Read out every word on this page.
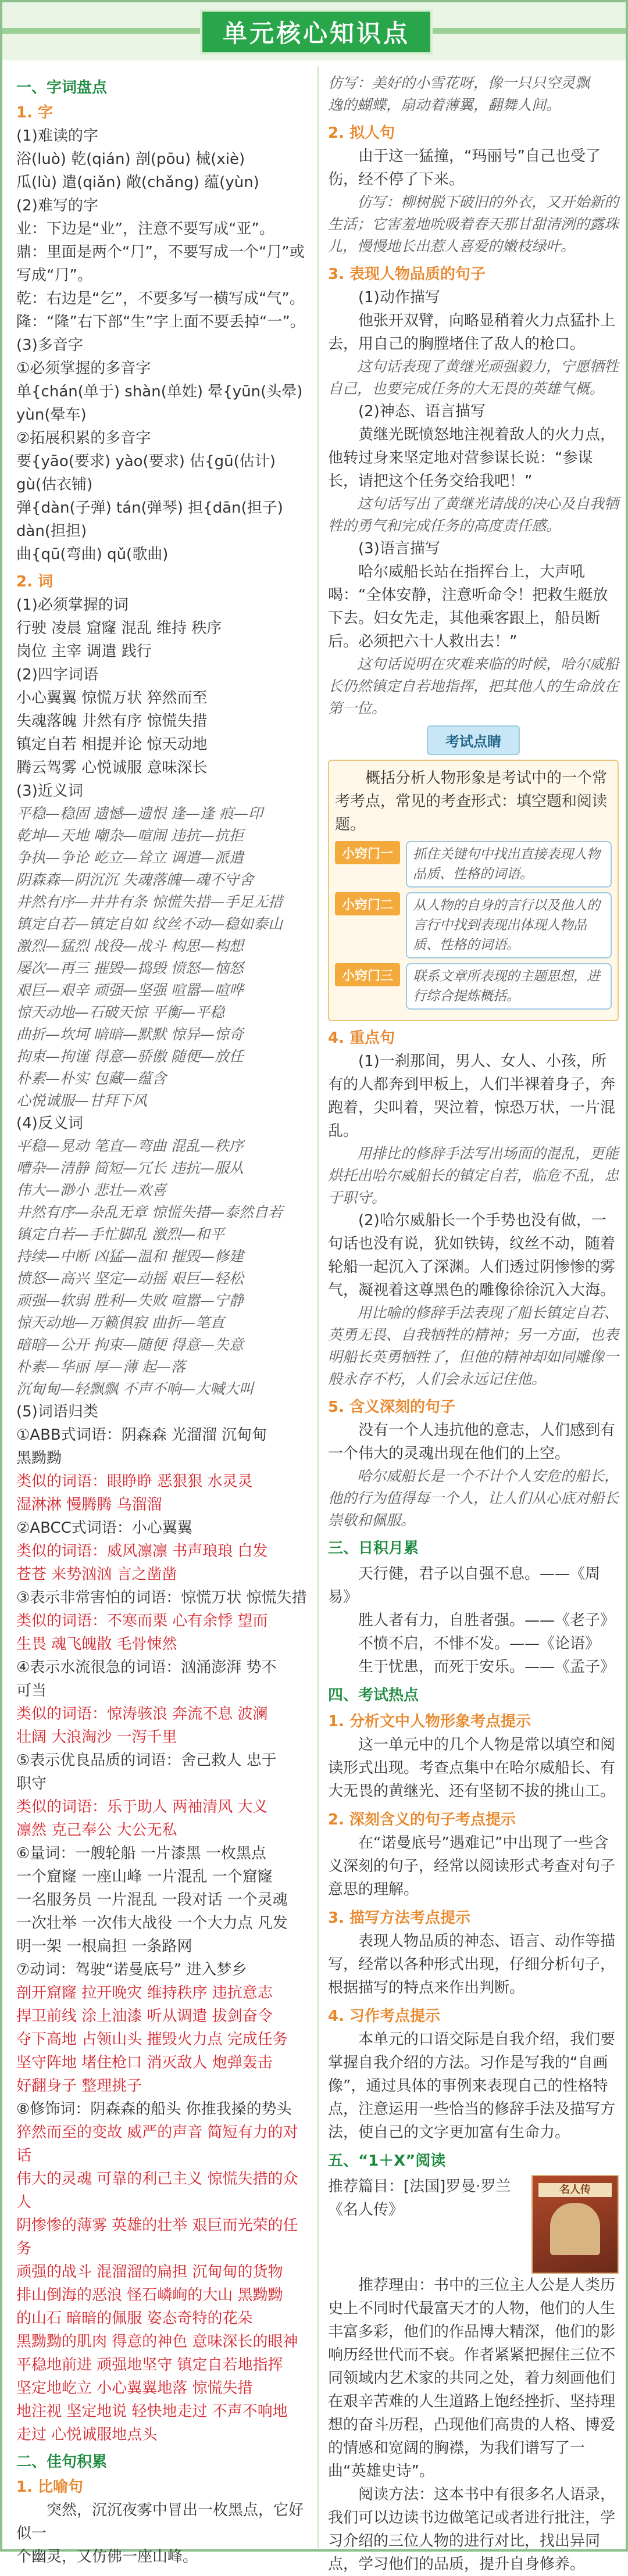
单元核心知识点
一、字词盘点
1. 字
(1)难读的字
浴(luò) 乾(qián) 剖(pōu) 械(xiè)
瓜(lù) 遣(qiǎn) 敞(chǎng) 蕴(yùn)
(2)难写的字
业：下边是“业”，注意不要写成“亚”。
鼎：里面是两个“⺆”，不要写成一个“⺆”或写成“⺆”。
乾：右边是“乞”，不要多写一横写成“气”。
隆：“隆”右下部“生”字上面不要丢掉“一”。
(3)多音字
①必须掌握的多音字
单{chán(单于) shàn(单姓) 晕{yūn(头晕) yùn(晕车)
②拓展积累的多音字
要{yāo(要求) yào(要求) 估{gū(估计) gù(估衣铺)
弹{dàn(子弹) tán(弹琴) 担{dān(担子) dàn(担担)
曲{qū(弯曲) qǔ(歌曲)
2. 词
(1)必须掌握的词
行驶 凌晨 窟窿 混乱 维持 秩序
岗位 主宰 调遣 践行
(2)四字词语
小心翼翼 惊慌万状 猝然而至
失魂落魄 井然有序 惊慌失措
镇定自若 相提并论 惊天动地
腾云驾雾 心悦诚服 意味深长
(3)近义词
平稳—稳固 遗憾—遗恨 逢—逢 痕—印
乾坤—天地 嘲杂—喧闹 违抗—抗拒
争执—争论 屹立—耸立 调遣—派遣
阴森森—阴沉沉 失魂落魄—魂不守舍
井然有序—井井有条 惊慌失措—手足无措
镇定自若—镇定自如 纹丝不动—稳如泰山
激烈—猛烈 战役—战斗 构思—构想
屡次—再三 摧毁—捣毁 愤怒—恼怒
艰巨—艰辛 顽强—坚强 喧嚣—喧哗
惊天动地—石破天惊 平衡—平稳
曲折—坎坷 暗暗—默默 惊异—惊奇
拘束—拘谨 得意—骄傲 随便—放任
朴素—朴实 包藏—蕴含
心悦诚服—甘拜下风
(4)反义词
平稳—晃动 笔直—弯曲 混乱—秩序
嘈杂—清静 简短—冗长 违抗—服从
伟大—渺小 悲壮—欢喜
井然有序—杂乱无章 惊慌失措—泰然自若
镇定自若—手忙脚乱 激烈—和平
持续—中断 凶猛—温和 摧毁—修建
愤怒—高兴 坚定—动摇 艰巨—轻松
顽强—软弱 胜利—失败 喧嚣—宁静
惊天动地—万籁俱寂 曲折—笔直
暗暗—公开 拘束—随便 得意—失意
朴素—华丽 厚—薄 起—落
沉甸甸—轻飘飘 不声不响—大喊大叫
(5)词语归类
①ABB式词语：阴森森 光溜溜 沉甸甸
黑黝黝
类似的词语：眼睁睁 恶狠狠 水灵灵
湿淋淋 慢腾腾 乌溜溜
②ABCC式词语：小心翼翼
类似的词语：威风凛凛 书声琅琅 白发
苍苍 来势汹汹 言之凿凿
③表示非常害怕的词语：惊慌万状 惊慌失措
类似的词语：不寒而栗 心有余悸 望而
生畏 魂飞魄散 毛骨悚然
④表示水流很急的词语：汹涌澎湃 势不
可当
类似的词语：惊涛骇浪 奔流不息 波澜
壮阔 大浪淘沙 一泻千里
⑤表示优良品质的词语：舍己救人 忠于
职守
类似的词语：乐于助人 两袖清风 大义
凛然 克己奉公 大公无私
⑥量词：一艘轮船 一片漆黑 一枚黑点
一个窟窿 一座山峰 一片混乱 一个窟窿
一名服务员 一片混乱 一段对话 一个灵魂
一次壮举 一次伟大战役 一个大力点 凡发
明一架 一根扁担 一条路网
⑦动词：驾驶“诺曼底号” 进入梦乡
剖开窟窿 拉开晚灾 维持秩序 违抗意志
捍卫前线 涂上油漆 听从调遣 拔剑奋令
夺下高地 占领山头 摧毁火力点 完成任务
坚守阵地 堵住枪口 消灭敌人 炮弹轰击
好翻身子 整理挑子
⑧修饰词：阴森森的船头 你推我搡的势头
猝然而至的变故 威严的声音 简短有力的对话
伟大的灵魂 可靠的利己主义 惊慌失措的众人
阴惨惨的薄雾 英雄的壮举 艰巨而光荣的任务
顽强的战斗 混溜溜的扁担 沉甸甸的货物
排山倒海的恶浪 怪石嶙峋的大山 黑黝黝
的山石 暗暗的佩服 姿态奇特的花朵
黑黝黝的肌肉 得意的神色 意味深长的眼神
平稳地前进 顽强地坚守 镇定自若地指挥
坚定地屹立 小心翼翼地落 惊慌失措
地注视 坚定地说 轻快地走过 不声不响地
走过 心悦诚服地点头
二、佳句积累
1. 比喻句
突然，沉沉夜雾中冒出一枚黑点，它好似一
个幽灵，又仿佛一座山峰。
仿写：美好的小雪花呀，像一只只空灵飘
逸的蝴蝶，扇动着薄翼，翻舞人间。
2. 拟人句
由于这一猛撞，“玛丽号”自己也受了伤，经不停了下来。
仿写：柳树脱下破旧的外衣，又开始新的生活；它害羞地吮吸着春天那甘甜清洌的露珠儿，慢慢地长出惹人喜爱的嫩枝绿叶。
3. 表现人物品质的句子
(1)动作描写
他张开双臂，向略显稍着火力点猛扑上去，用自己的胸膛堵住了敌人的枪口。
这句话表现了黄继光顽强毅力，宁愿牺牲自己，也要完成任务的大无畏的英雄气概。
(2)神态、语言描写
黄继光既愤怒地注视着敌人的火力点，他转过身来坚定地对营参谋长说：“参谋长，请把这个任务交给我吧！”
这句话写出了黄继光请战的决心及自我牺牲的勇气和完成任务的高度责任感。
(3)语言描写
哈尔威船长站在指挥台上，大声吼喝：“全体安静，注意听命令！把救生艇放下去。妇女先走，其他乘客跟上，船员断后。必须把六十人救出去！”
这句话说明在灾难来临的时候，哈尔威船长仍然镇定自若地指挥，把其他人的生命放在第一位。
考试点睛
概括分析人物形象是考试中的一个常考考点，常见的考查形式：填空题和阅读题。
小窍门一	抓住关键句中找出直接表现人物品质、性格的词语。
小窍门二	从人物的自身的言行以及他人的言行中找到表现出体现人物品质、性格的词语。
小窍门三	联系文章所表现的主题思想，进行综合提炼概括。
4. 重点句
(1)一刹那间，男人、女人、小孩，所有的人都奔到甲板上，人们半裸着身子，奔跑着，尖叫着，哭泣着，惊恐万状，一片混乱。
用排比的修辞手法写出场面的混乱，更能烘托出哈尔威船长的镇定自若，临危不乱，忠于职守。
(2)哈尔威船长一个手势也没有做，一句话也没有说，犹如铁铸，纹丝不动，随着轮船一起沉入了深渊。人们透过阴惨惨的雾气，凝视着这尊黑色的雕像徐徐沉入大海。
用比喻的修辞手法表现了船长镇定自若、英勇无畏、自我牺牲的精神；另一方面，也表明船长英勇牺牲了，但他的精神却如同雕像一般永存不朽，人们会永远记住他。
5. 含义深刻的句子
没有一个人违抗他的意志，人们感到有一个伟大的灵魂出现在他们的上空。
哈尔威船长是一个不计个人安危的船长，他的行为值得每一个人，让人们从心底对船长崇敬和佩服。
三、日积月累
天行健，君子以自强不息。——《周易》
胜人者有力，自胜者强。——《老子》
不愤不启，不悱不发。——《论语》
生于忧患，而死于安乐。——《孟子》
四、考试热点
1. 分析文中人物形象考点提示
这一单元中的几个人物是常以填空和阅读形式出现。考查点集中在哈尔威船长、有大无畏的黄继光、还有坚韧不拔的挑山工。
2. 深刻含义的句子考点提示
在“诺曼底号”遇难记”中出现了一些含义深刻的句子，经常以阅读形式考查对句子意思的理解。
3. 描写方法考点提示
表现人物品质的神态、语言、动作等描写，经常以各种形式出现，仔细分析句子，根据描写的特点来作出判断。
4. 习作考点提示
本单元的口语交际是自我介绍，我们要掌握自我介绍的方法。习作是写我的“自画像”，通过具体的事例来表现自己的性格特点，注意运用一些恰当的修辞手法及描写方法，使自己的文字更加富有生命力。
五、“1＋X”阅读
推荐篇目：[法国]罗曼·罗兰《名人传》
名人传
推荐理由：书中的三位主人公是人类历史上不同时代最富天才的人物，他们的人生丰富多彩，他们的作品博大精深，他们的影响历经世代而不衰。作者紧紧把握住三位不同领域内艺术家的共同之处，着力刻画他们在艰辛苦难的人生道路上饱经挫折、坚持理想的奋斗历程，凸现他们高贵的人格、博爱的情感和宽阔的胸襟，为我们谱写了一曲“英雄史诗”。
阅读方法：这本书中有很多名人语录，我们可以边读书边做笔记或者进行批注，学习介绍的三位人物的进行对比，找出异同点，学习他们的品质，提升自身修养。
